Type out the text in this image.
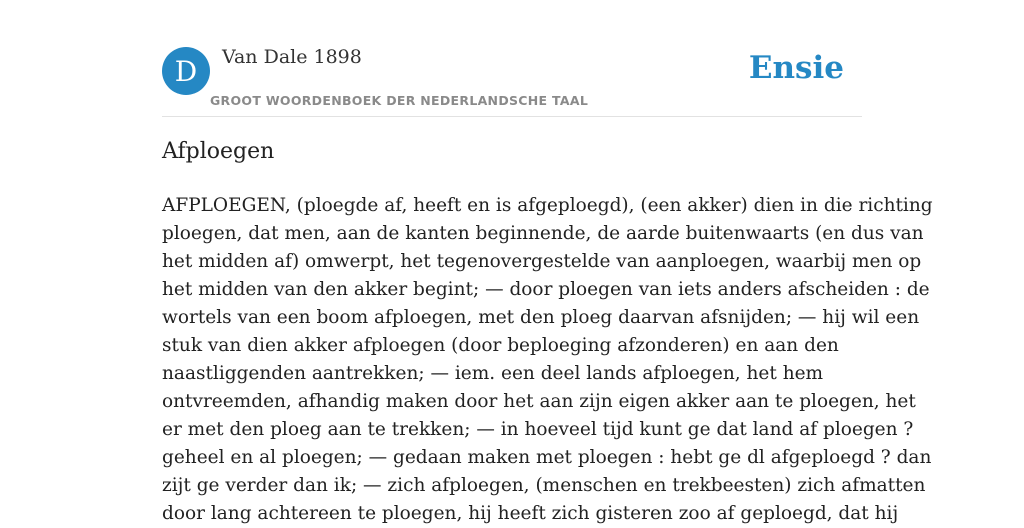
D Van Dale 1898
GROOT WOORDENBOEK DER NEDERLANDSCHE TAAL
Ensie
Afploegen
AFPLOEGEN, (ploegde af, heeft en is afgeploegd), (een akker) dien in die richting
ploegen, dat men, aan de kanten beginnende, de aarde buitenwaarts (en dus van
het midden af) omwerpt, het tegenovergestelde van aanploegen, waarbij men op
het midden van den akker begint; — door ploegen van iets anders afscheiden : de
wortels van een boom afploegen, met den ploeg daarvan afsnijden; — hij wil een
stuk van dien akker afploegen (door beploeging afzonderen) en aan den
naastliggenden aantrekken; — iem. een deel lands afploegen, het hem
ontvreemden, afhandig maken door het aan zijn eigen akker aan te ploegen, het
er met den ploeg aan te trekken; — in hoeveel tijd kunt ge dat land af ploegen ?
geheel en al ploegen; — gedaan maken met ploegen : hebt ge dl afgeploegd ? dan
zijt ge verder dan ik; — zich afploegen, (menschen en trekbeesten) zich afmatten
door lang achtereen te ploegen, hij heeft zich gisteren zoo af geploegd, dat hij
